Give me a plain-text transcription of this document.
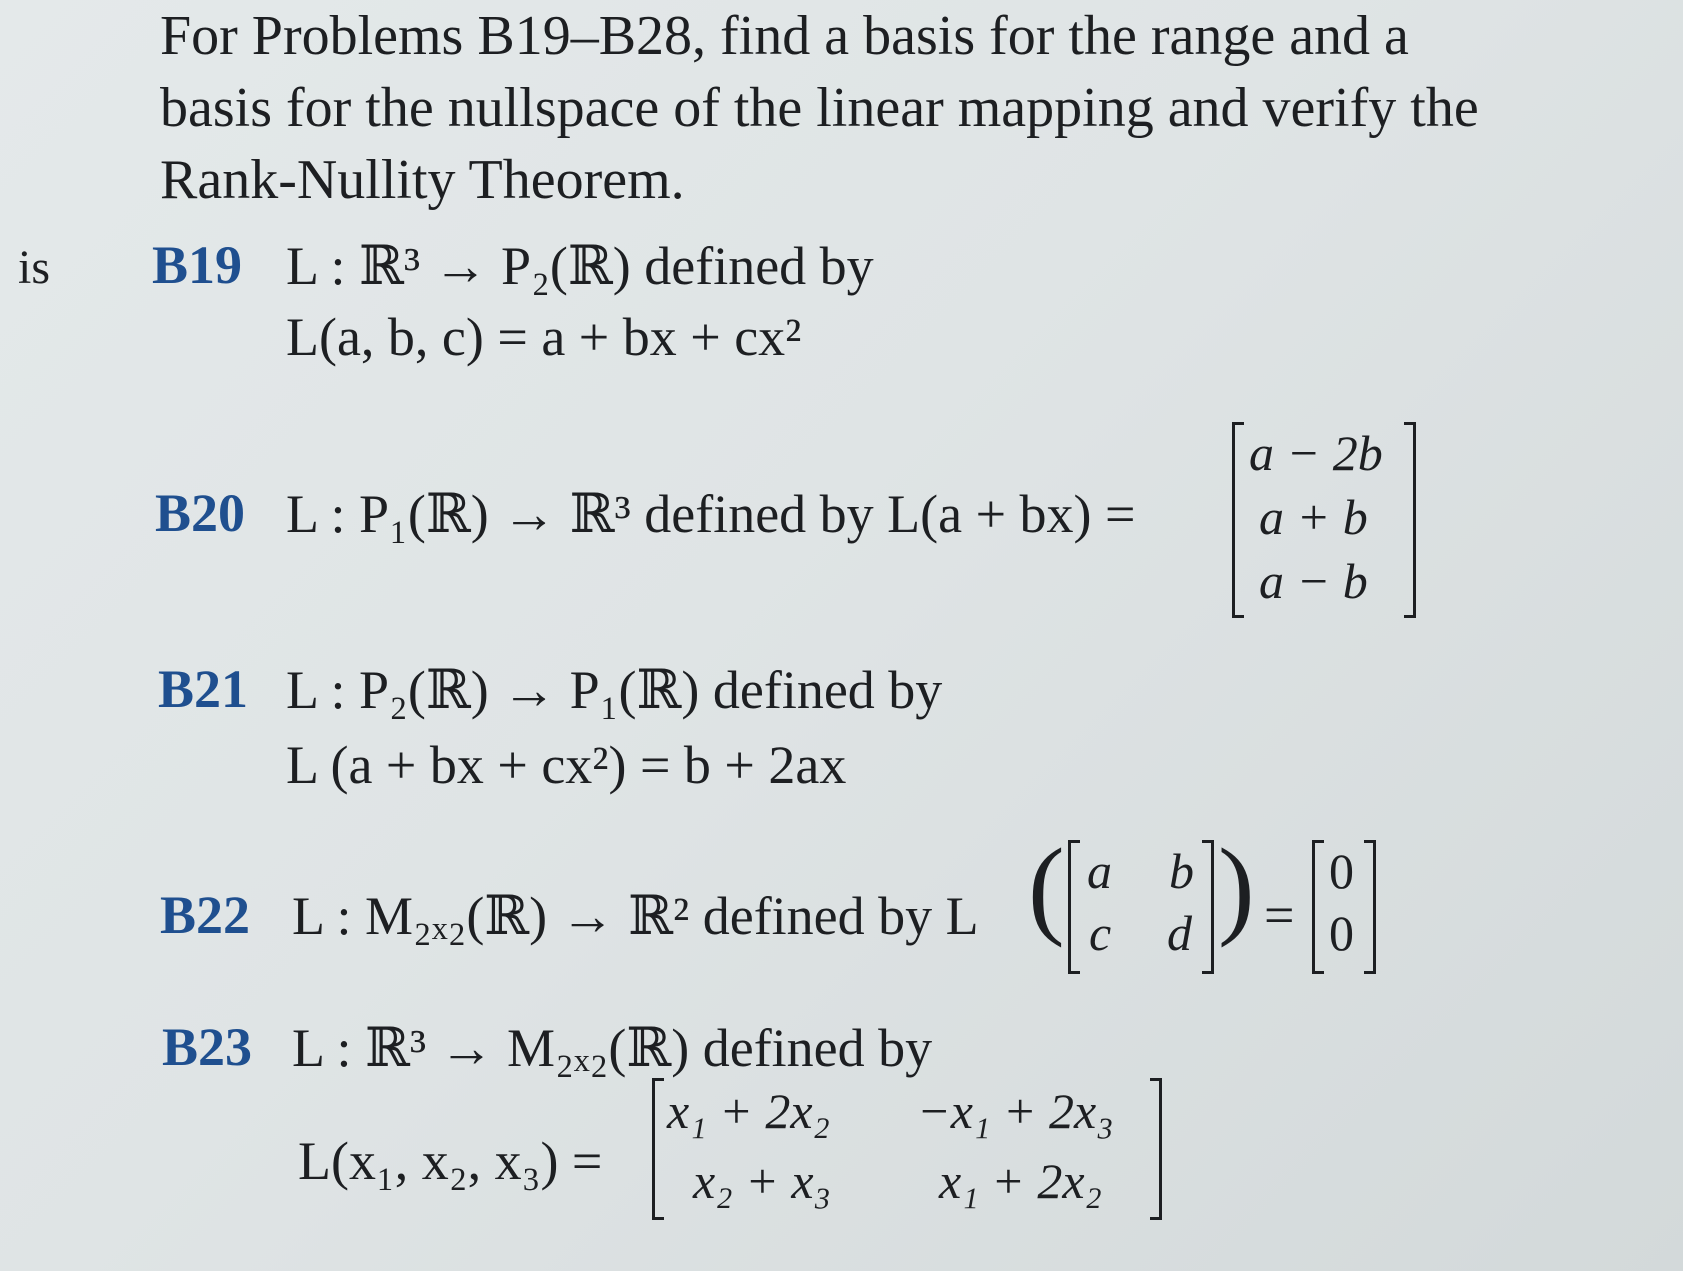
For Problems B19–B28, find a basis for the range and a
basis for the nullspace of the linear mapping and verify the
Rank-Nullity Theorem.
is B19 L : ℝ³ → P₂(ℝ) defined by
L(a, b, c) = a + bx + cx²
B20 L : P₁(ℝ) → ℝ³ defined by L(a + bx) =
a − 2b
a + b
a − b
B21 L : P₂(ℝ) → P₁(ℝ) defined by
L (a + bx + cx²) = b + 2ax
B22 L : M₂ₓ₂(ℝ) → ℝ² defined by L ( a b
c d ) =
0
0
B23 L : ℝ³ → M₂ₓ₂(ℝ) defined by
L(x₁, x₂, x₃) =
x₁ + 2x₂ −x₁ + 2x₃
x₂ + x₃ x₁ + 2x₂
